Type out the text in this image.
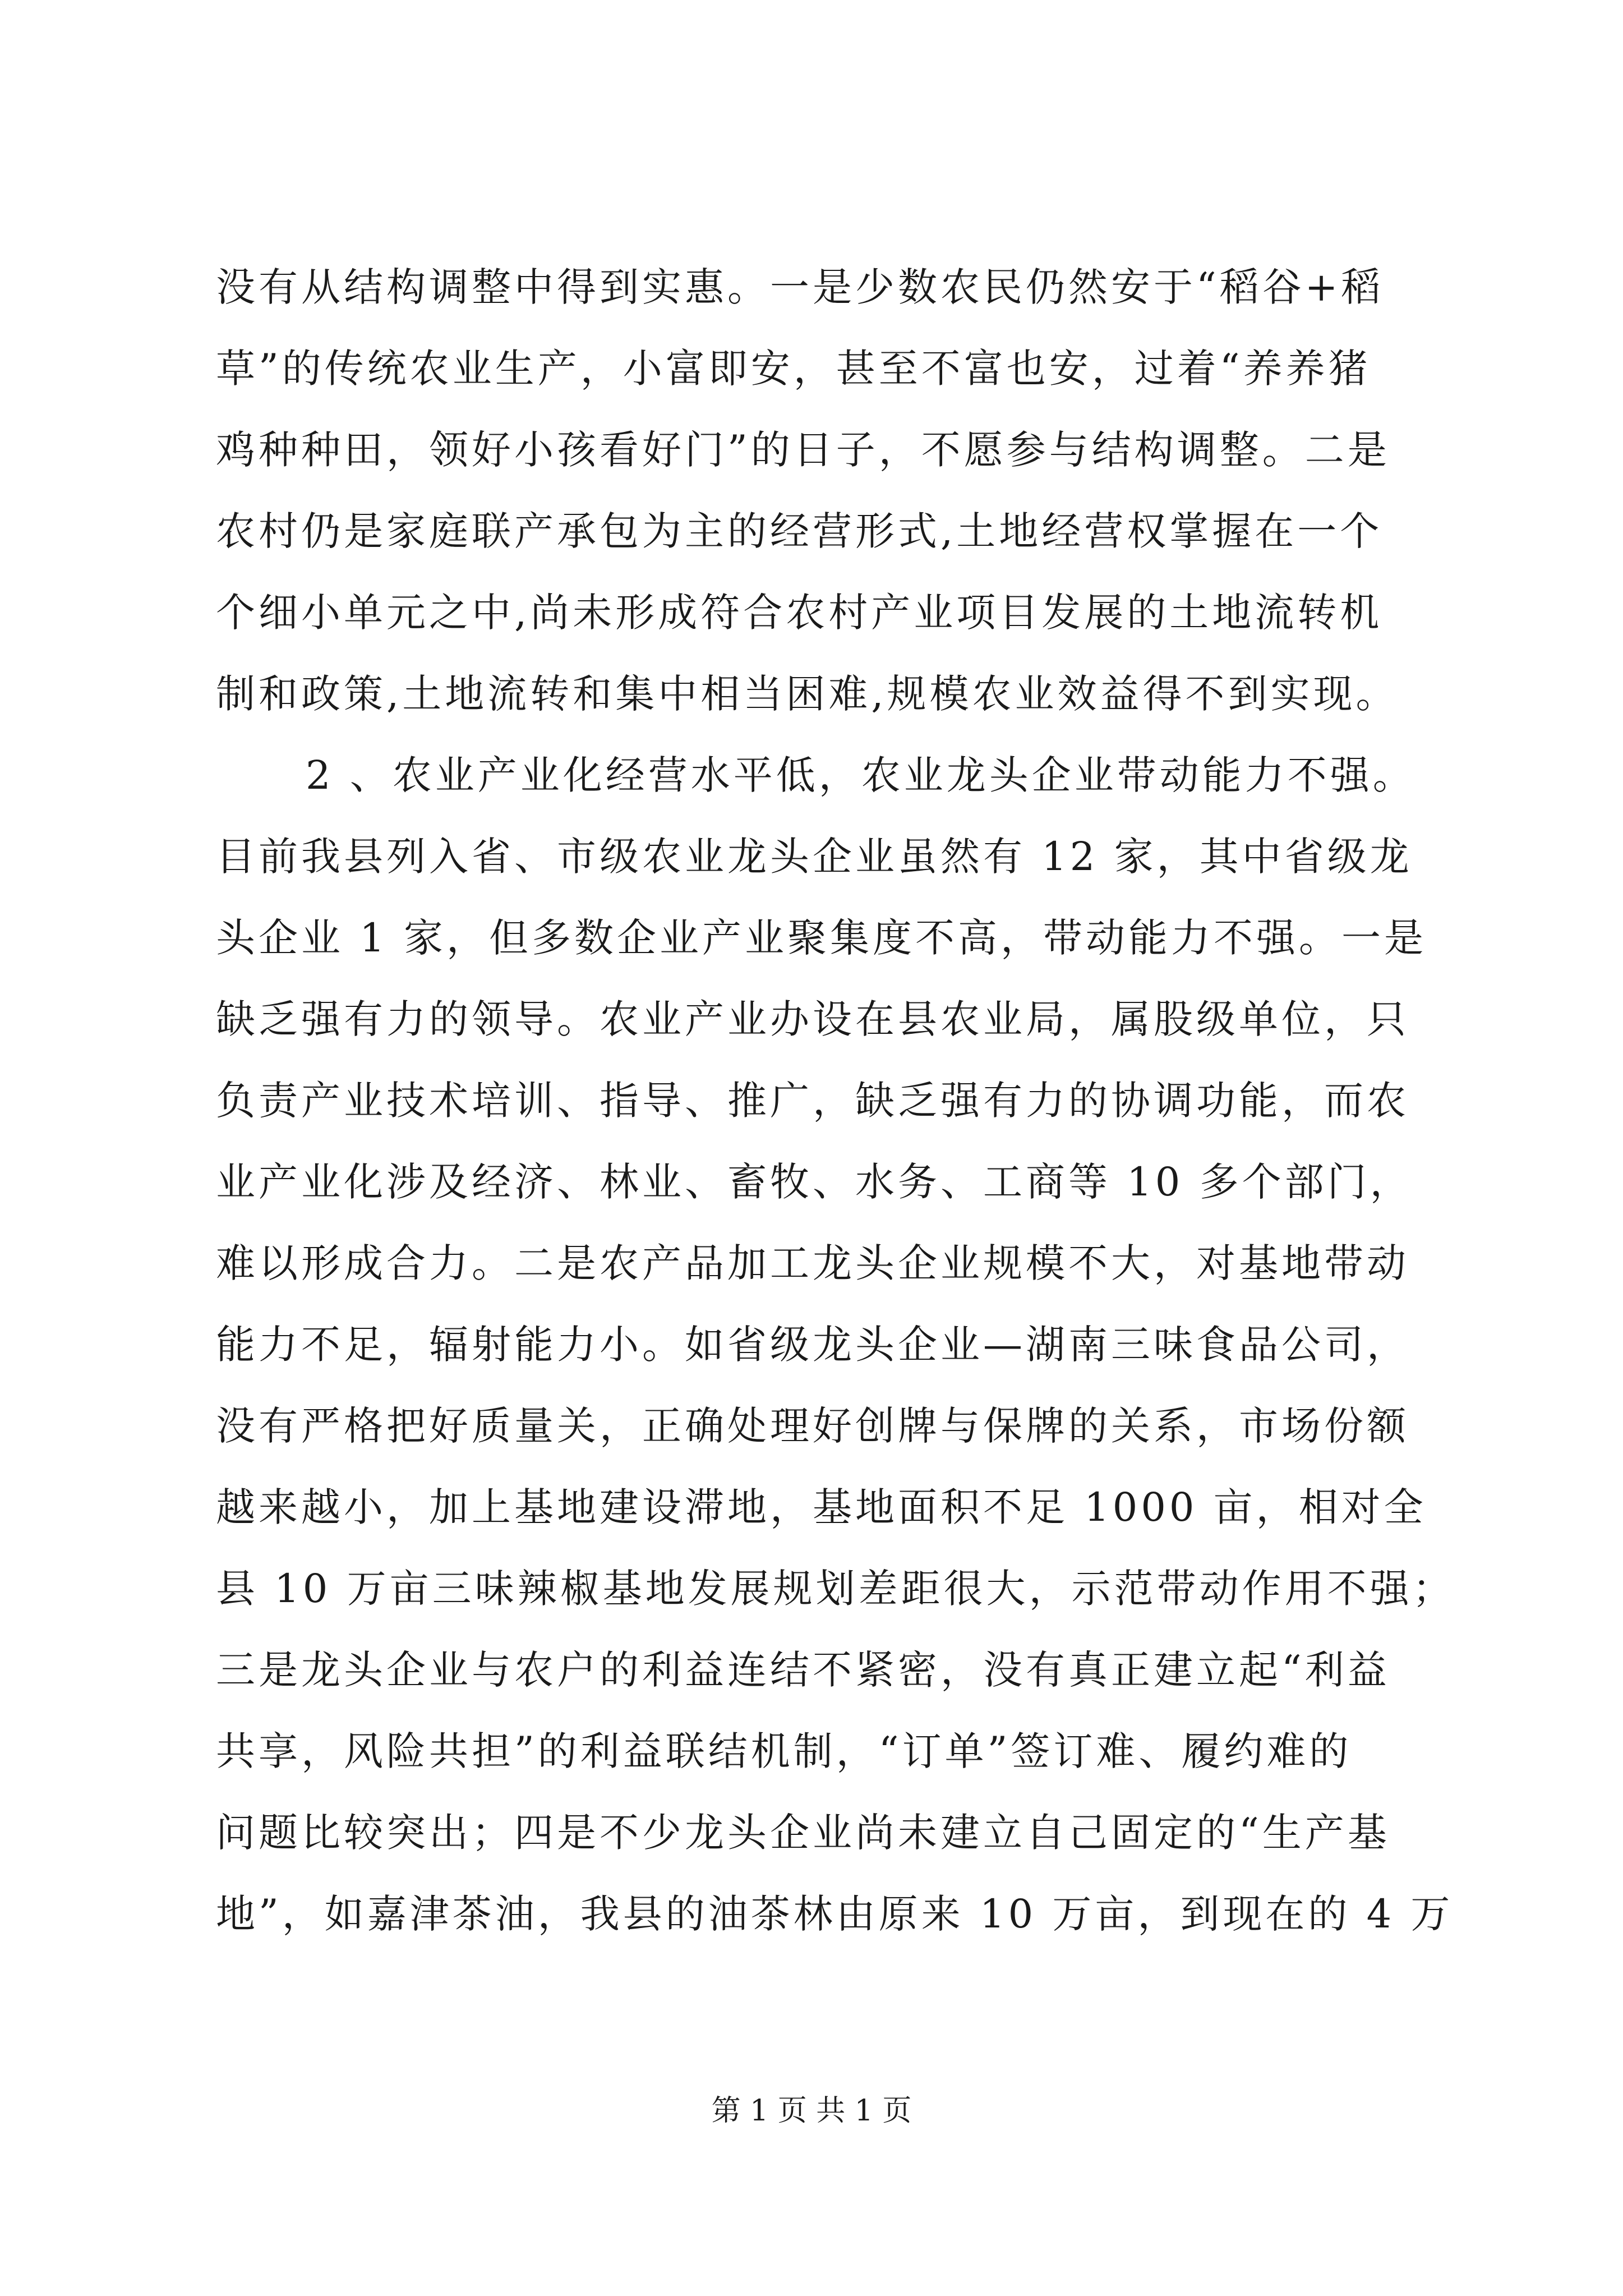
没有从结构调整中得到实惠。一是少数农民仍然安于“稻谷+稻
草”的传统农业生产，小富即安，甚至不富也安，过着“养养猪
鸡种种田，领好小孩看好门”的日子，不愿参与结构调整。二是
农村仍是家庭联产承包为主的经营形式,土地经营权掌握在一个
个细小单元之中,尚未形成符合农村产业项目发展的土地流转机
制和政策,土地流转和集中相当困难,规模农业效益得不到实现。
2 、农业产业化经营水平低，农业龙头企业带动能力不强。
目前我县列入省、市级农业龙头企业虽然有 12 家，其中省级龙
头企业 1 家，但多数企业产业聚集度不高，带动能力不强。一是
缺乏强有力的领导。农业产业办设在县农业局，属股级单位，只
负责产业技术培训、指导、推广，缺乏强有力的协调功能，而农
业产业化涉及经济、林业、畜牧、水务、工商等 10 多个部门，
难以形成合力。二是农产品加工龙头企业规模不大，对基地带动
能力不足，辐射能力小。如省级龙头企业—湖南三味食品公司，
没有严格把好质量关，正确处理好创牌与保牌的关系，市场份额
越来越小，加上基地建设滞地，基地面积不足 1000 亩，相对全
县 10 万亩三味辣椒基地发展规划差距很大，示范带动作用不强；
三是龙头企业与农户的利益连结不紧密，没有真正建立起“利益
共享，风险共担”的利益联结机制，“订单”签订难、履约难的
问题比较突出；四是不少龙头企业尚未建立自己固定的“生产基
地”，如嘉津茶油，我县的油茶林由原来 10 万亩，到现在的 4 万
第 1 页 共 1 页
